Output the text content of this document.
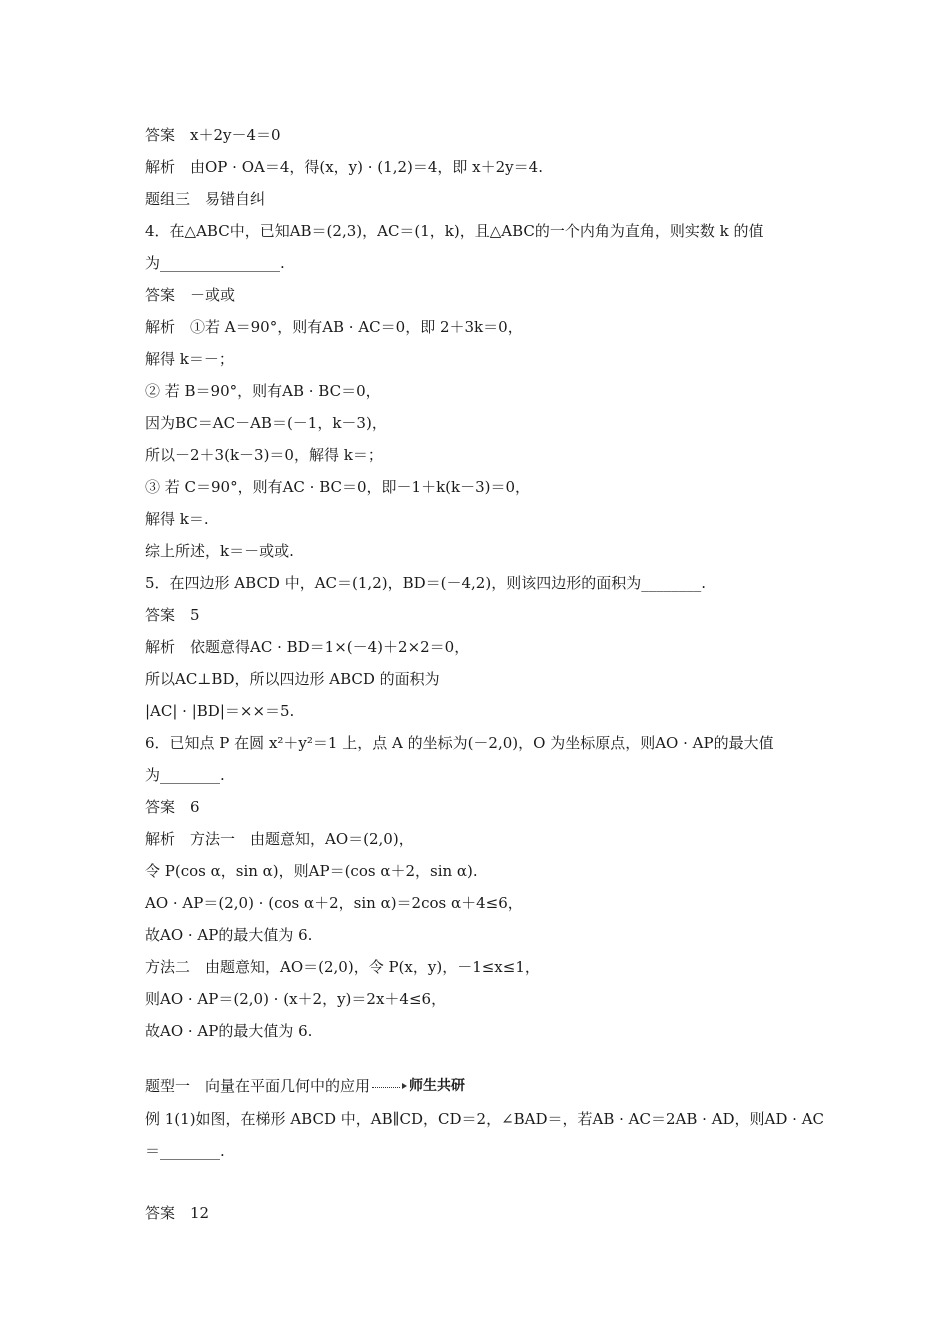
答案　x＋2y－4＝0
解析　由OP · OA＝4，得(x，y) · (1,2)＝4，即 x＋2y＝4.
题组三　易错自纠
4．在△ABC中，已知AB＝(2,3)，AC＝(1，k)，且△ABC的一个内角为直角，则实数 k 的值
为________________.
答案　－或或
解析　①若 A＝90°，则有AB · AC＝0，即 2＋3k＝0，
解得 k＝－；
② 若 B＝90°，则有AB · BC＝0，
因为BC＝AC－AB＝(－1，k－3)，
所以－2＋3(k－3)＝0，解得 k＝；
③ 若 C＝90°，则有AC · BC＝0，即－1＋k(k－3)＝0，
解得 k＝.
综上所述，k＝－或或.
5．在四边形 ABCD 中，AC＝(1,2)，BD＝(－4,2)，则该四边形的面积为________.
答案　5
解析　依题意得AC · BD＝1×(－4)＋2×2＝0，
所以AC⊥BD，所以四边形 ABCD 的面积为
|AC| · |BD|＝××＝5.
6．已知点 P 在圆 x²＋y²＝1 上，点 A 的坐标为(－2,0)，O 为坐标原点，则AO · AP的最大值
为________.
答案　6
解析　方法一　由题意知，AO＝(2,0)，
令 P(cos α，sin α)，则AP＝(cos α＋2，sin α).
AO · AP＝(2,0) · (cos α＋2，sin α)＝2cos α＋4≤6，
故AO · AP的最大值为 6.
方法二　由题意知，AO＝(2,0)，令 P(x，y)，－1≤x≤1，
则AO · AP＝(2,0) · (x＋2，y)＝2x＋4≤6，
故AO · AP的最大值为 6.
题型一　向量在平面几何中的应用	师生共研
例 1(1)如图，在梯形 ABCD 中，AB∥CD，CD＝2，∠BAD＝，若AB · AC＝2AB · AD，则AD · AC
＝________.
答案　12
